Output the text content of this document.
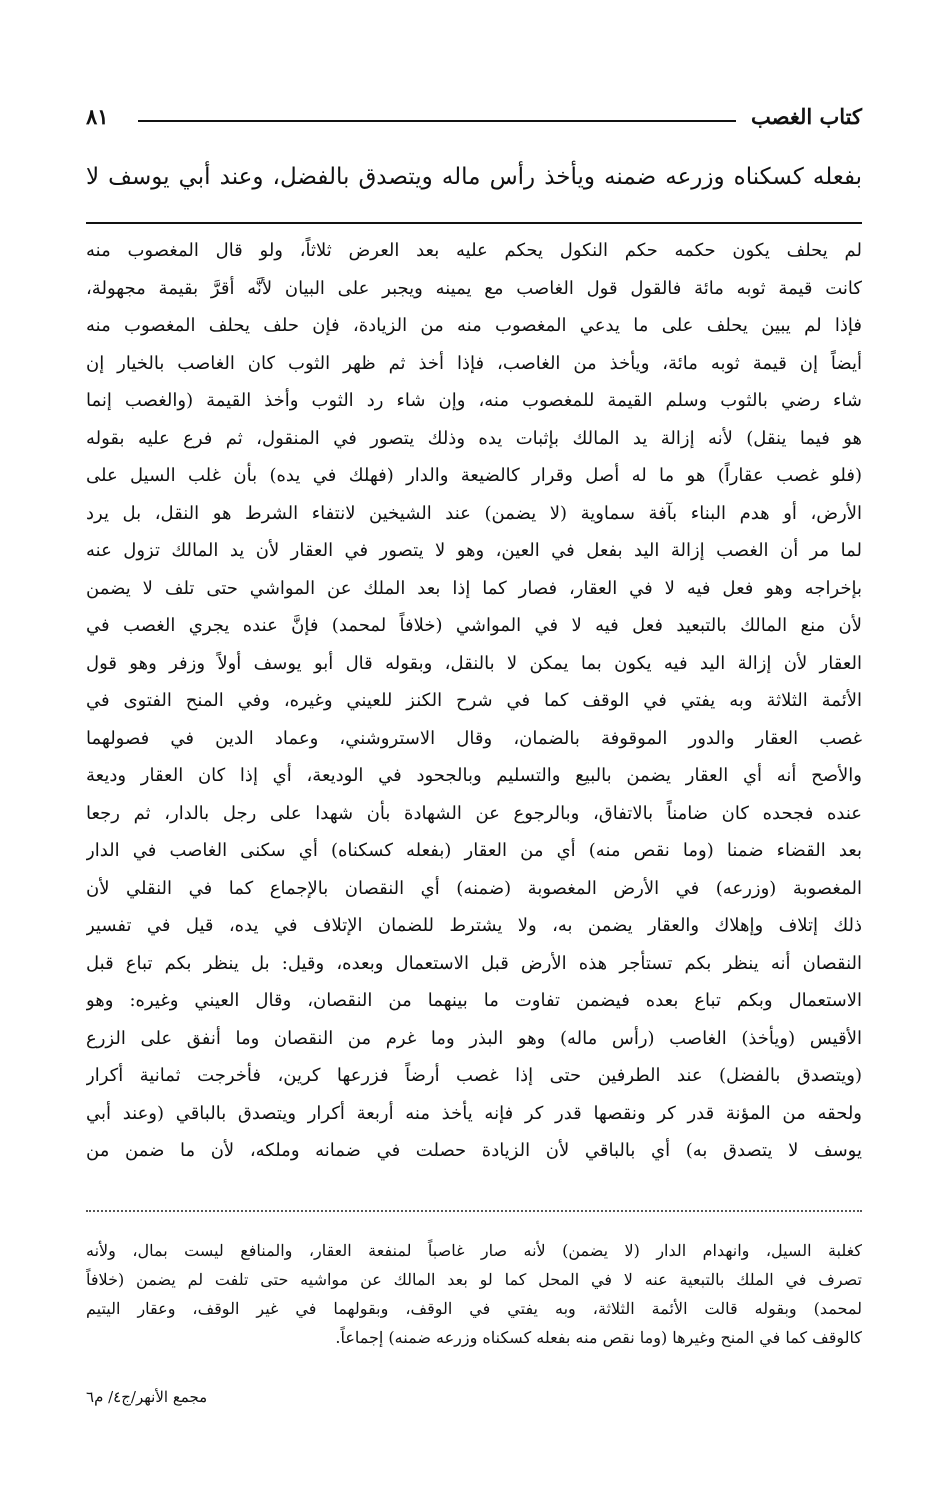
كتاب الغصب
٨١
بفعله كسكناه وزرعه ضمنه ويأخذ رأس ماله ويتصدق بالفضل، وعند أبي يوسف لا
لم يحلف يكون حكمه حكم النكول يحكم عليه بعد العرض ثلاثاً، ولو قال المغصوب منه
كانت قيمة ثوبه مائة فالقول قول الغاصب مع يمينه ويجبر على البيان لأنَّه أقرَّ بقيمة مجهولة،
فإذا لم يبين يحلف على ما يدعي المغصوب منه من الزيادة، فإن حلف يحلف المغصوب منه
أيضاً إن قيمة ثوبه مائة، ويأخذ من الغاصب، فإذا أخذ ثم ظهر الثوب كان الغاصب بالخيار إن
شاء رضي بالثوب وسلم القيمة للمغصوب منه، وإن شاء رد الثوب وأخذ القيمة (والغصب إنما
هو فيما ينقل) لأنه إزالة يد المالك بإثبات يده وذلك يتصور في المنقول، ثم فرع عليه بقوله
(فلو غصب عقاراً) هو ما له أصل وقرار كالضيعة والدار (فهلك في يده) بأن غلب السيل على
الأرض، أو هدم البناء بآفة سماوية (لا يضمن) عند الشيخين لانتفاء الشرط هو النقل، بل يرد
لما مر أن الغصب إزالة اليد بفعل في العين، وهو لا يتصور في العقار لأن يد المالك تزول عنه
بإخراجه وهو فعل فيه لا في العقار، فصار كما إذا بعد الملك عن المواشي حتى تلف لا يضمن
لأن منع المالك بالتبعيد فعل فيه لا في المواشي (خلافاً لمحمد) فإنَّ عنده يجري الغصب في
العقار لأن إزالة اليد فيه يكون بما يمكن لا بالنقل، وبقوله قال أبو يوسف أولاً وزفر وهو قول
الأئمة الثلاثة وبه يفتي في الوقف كما في شرح الكنز للعيني وغيره، وفي المنح الفتوى في
غصب العقار والدور الموقوفة بالضمان، وقال الاستروشني، وعماد الدين في فصولهما
والأصح أنه أي العقار يضمن بالبيع والتسليم وبالجحود في الوديعة، أي إذا كان العقار وديعة
عنده فجحده كان ضامناً بالاتفاق، وبالرجوع عن الشهادة بأن شهدا على رجل بالدار، ثم رجعا
بعد القضاء ضمنا (وما نقص منه) أي من العقار (بفعله كسكناه) أي سكنى الغاصب في الدار
المغصوبة (وزرعه) في الأرض المغصوبة (ضمنه) أي النقصان بالإجماع كما في النقلي لأن
ذلك إتلاف وإهلاك والعقار يضمن به، ولا يشترط للضمان الإتلاف في يده، قيل في تفسير
النقصان أنه ينظر بكم تستأجر هذه الأرض قبل الاستعمال وبعده، وقيل: بل ينظر بكم تباع قبل
الاستعمال وبكم تباع بعده فيضمن تفاوت ما بينهما من النقصان، وقال العيني وغيره: وهو
الأقيس (ويأخذ) الغاصب (رأس ماله) وهو البذر وما غرم من النقصان وما أنفق على الزرع
(ويتصدق بالفضل) عند الطرفين حتى إذا غصب أرضاً فزرعها كرين، فأخرجت ثمانية أكرار
ولحقه من المؤنة قدر كر ونقصها قدر كر فإنه يأخذ منه أربعة أكرار ويتصدق بالباقي (وعند أبي
يوسف لا يتصدق به) أي بالباقي لأن الزيادة حصلت في ضمانه وملكه، لأن ما ضمن من
كغلبة السيل، وانهدام الدار (لا يضمن) لأنه صار غاصباً لمنفعة العقار، والمنافع ليست بمال، ولأنه
تصرف في الملك بالتبعية عنه لا في المحل كما لو بعد المالك عن مواشيه حتى تلفت لم يضمن (خلافاً
لمحمد) وبقوله قالت الأئمة الثلاثة، وبه يفتي في الوقف، وبقولهما في غير الوقف، وعقار اليتيم
كالوقف كما في المنح وغيرها (وما نقص منه بفعله كسكناه وزرعه ضمنه) إجماعاً.
مجمع الأنهر/ج٤/ م٦
